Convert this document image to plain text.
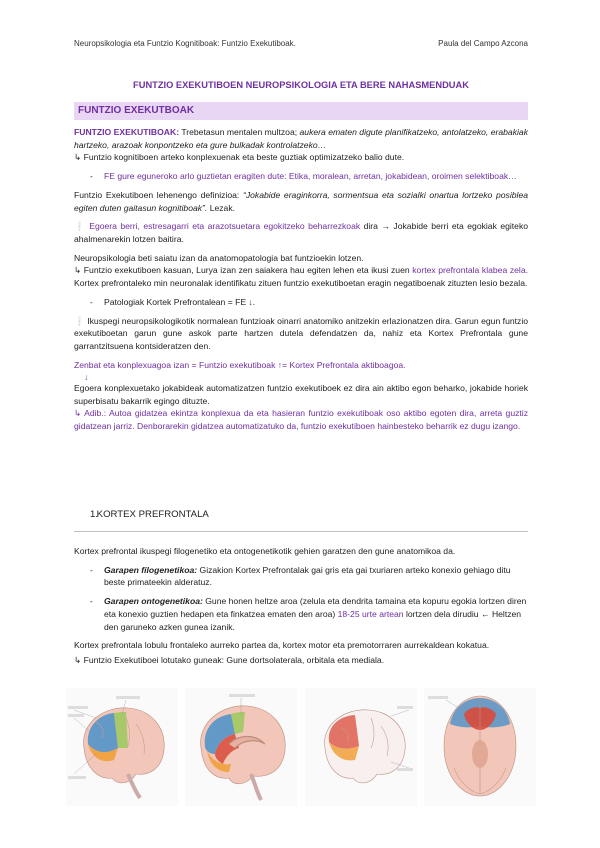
Neuropsikologia eta Funtzio Kognitiboak: Funtzio Exekutiboak.	Paula del Campo Azcona
FUNTZIO EXEKUTIBOEN NEUROPSIKOLOGIA ETA BERE NAHASMENDUAK
FUNTZIO EXEKUTBOAK

FUNTZIO EXEKUTIBOAK: Trebetasun mentalen multzoa; aukera ematen digute planifikatzeko, antolatzeko, erabakiak hartzeko, arazoak konpontzeko eta gure bulkadak kontrolatzeko…
↳ Funtzio kognitiboen arteko konplexuenak eta beste guztiak optimizatzeko balio dute.

- FE gure eguneroko arlo guztietan eragiten dute: Etika, moralean, arretan, jokabidean, oroimen selektiboak…

Funtzio Exekutiboen lehenengo definizioa: “Jokabide eraginkorra, sormentsua eta sozialki onartua lortzeko posiblea egiten duten gaitasun kognitiboak”. Lezak.

❕ Egoera berri, estresagarri eta arazotsuetara egokitzeko beharrezkoak dira → Jokabide berri eta egokiak egiteko ahalmenarekin lotzen baitira.

Neuropsikologia beti saiatu izan da anatomopatologia bat funtzioekin lotzen.
↳ Funtzio exekutiboen kasuan, Lurya izan zen saiakera hau egiten lehen eta ikusi zuen kortex prefrontala klabea zela. Kortex prefrontaleko min neuronalak identifikatu zituen funtzio exekutiboetan eragin negatiboenak zituzten lesio bezala.

- Patologiak Kortek Prefrontalean = FE ↓.

❕ Ikuspegi neuropsikologikotik normalean funtzioak oinarri anatomiko anitzekin erlazionatzen dira. Garun egun funtzio exekutiboetan garun gune askok parte hartzen dutela defendatzen da, nahiz eta Kortex Prefrontala gune garrantzitsuena kontsideratzen den.

Zenbat eta konplexuagoa izan = Funtzio exekutiboak ↑= Kortex Prefrontala aktiboagoa.
↓
Egoera konplexuetako jokabideak automatizatzen funtzio exekutiboek ez dira ain aktibo egon beharko, jokabide horiek superbisatu bakarrik egingo dituzte.
↳ Adib.: Autoa gidatzea ekintza konplexua da eta hasieran funtzio exekutiboak oso aktibo egoten dira, arreta guztiz gidatzean jarriz. Denborarekin gidatzea automatizatuko da, funtzio exekutiboen hainbesteko beharrik ez dugu izango.

1. KORTEX PREFRONTALA

Kortex prefrontal ikuspegi filogenetiko eta ontogenetikotik gehien garatzen den gune anatomikoa da.

- Garapen filogenetikoa: Gizakion Kortex Prefrontalak gai gris eta gai txuriaren arteko konexio gehiago ditu beste primateekin alderatuz.
- Garapen ontogenetikoa: Gune honen heltze aroa (zelula eta dendrita tamaina eta kopuru egokia lortzen diren eta konexio guztien hedapen eta finkatzea ematen den aroa) 18-25 urte artean lortzen dela dirudiu ← Heltzen den garuneko azken gunea izanik.

Kortex prefrontala lobulu frontaleko aurreko partea da, kortex motor eta premotorraren aurrekaldean kokatua.

↳ Funtzio Exekutiboei lotutako guneak: Gune dortsolaterala, orbitala eta mediala.
